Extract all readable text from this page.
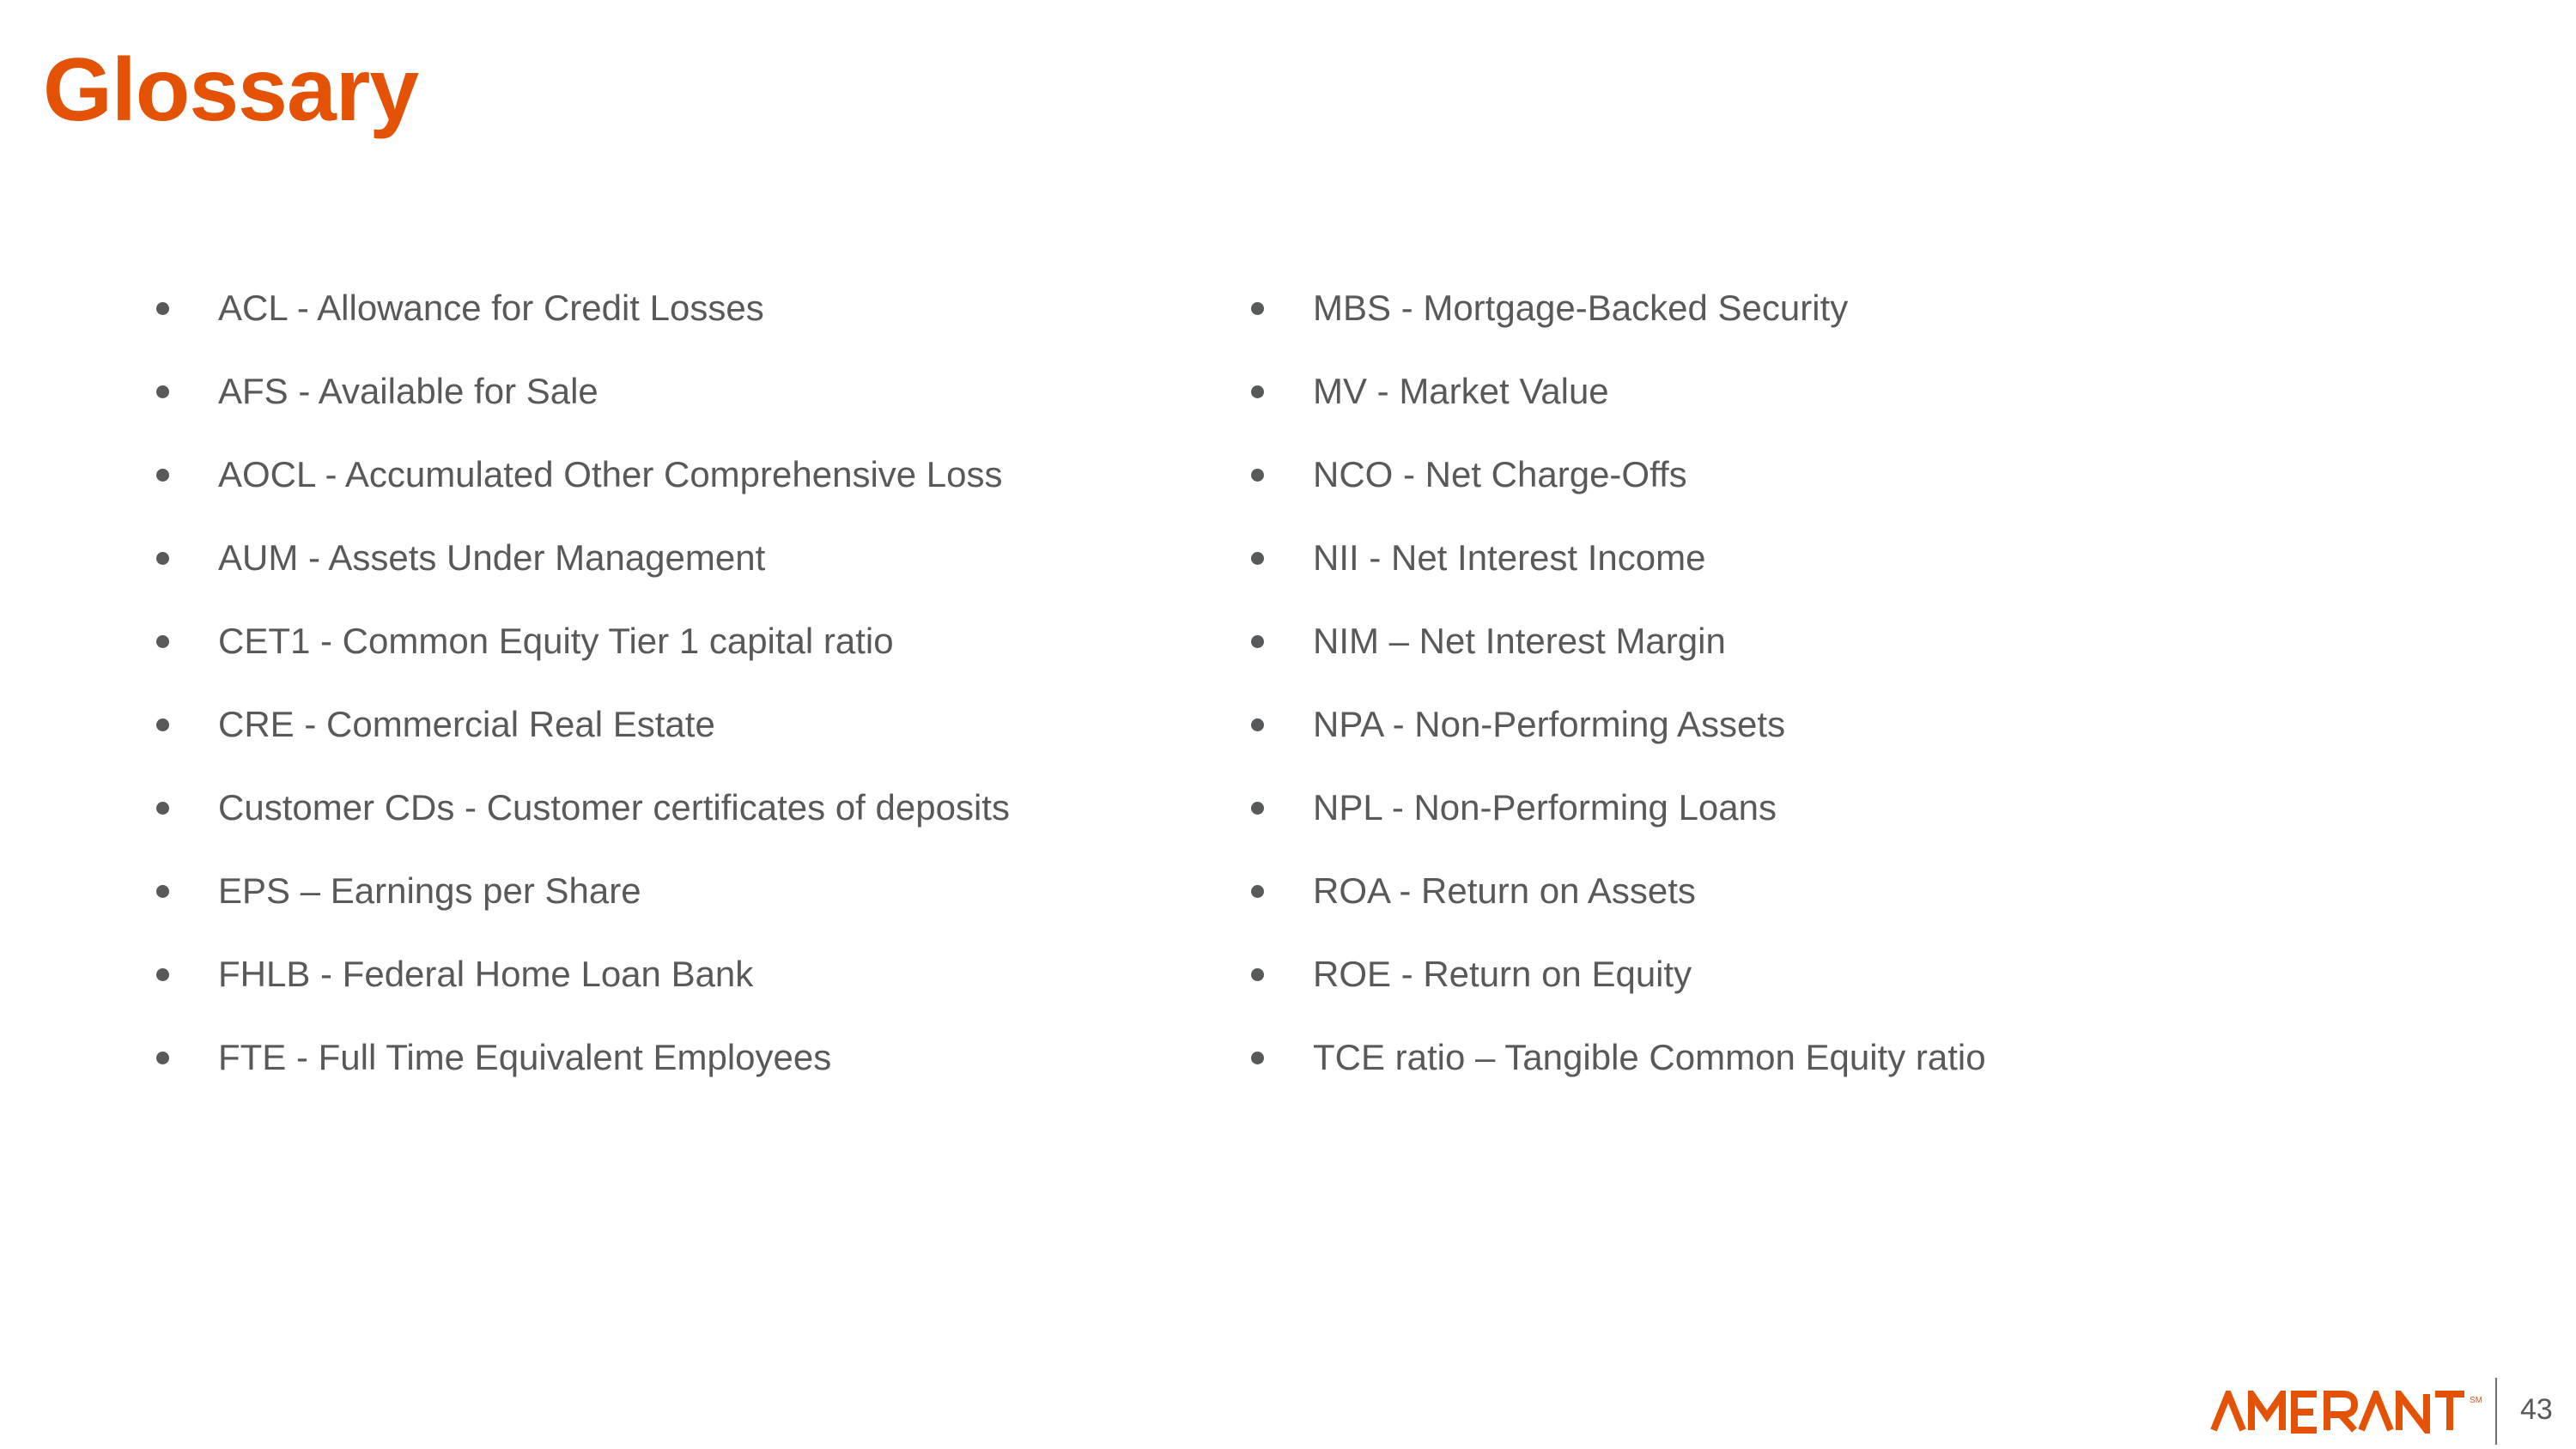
Glossary
ACL - Allowance for Credit Losses
AFS - Available for Sale
AOCL - Accumulated Other Comprehensive Loss
AUM - Assets Under Management
CET1 - Common Equity Tier 1 capital ratio
CRE - Commercial Real Estate
Customer CDs - Customer certificates of deposits
EPS – Earnings per Share
FHLB - Federal Home Loan Bank
FTE - Full Time Equivalent Employees
MBS - Mortgage-Backed Security
MV - Market Value
NCO - Net Charge-Offs
NII - Net Interest Income
NIM – Net Interest Margin
NPA - Non-Performing Assets
NPL - Non-Performing Loans
ROA - Return on Assets
ROE - Return on Equity
TCE ratio – Tangible Common Equity ratio
SM 43
